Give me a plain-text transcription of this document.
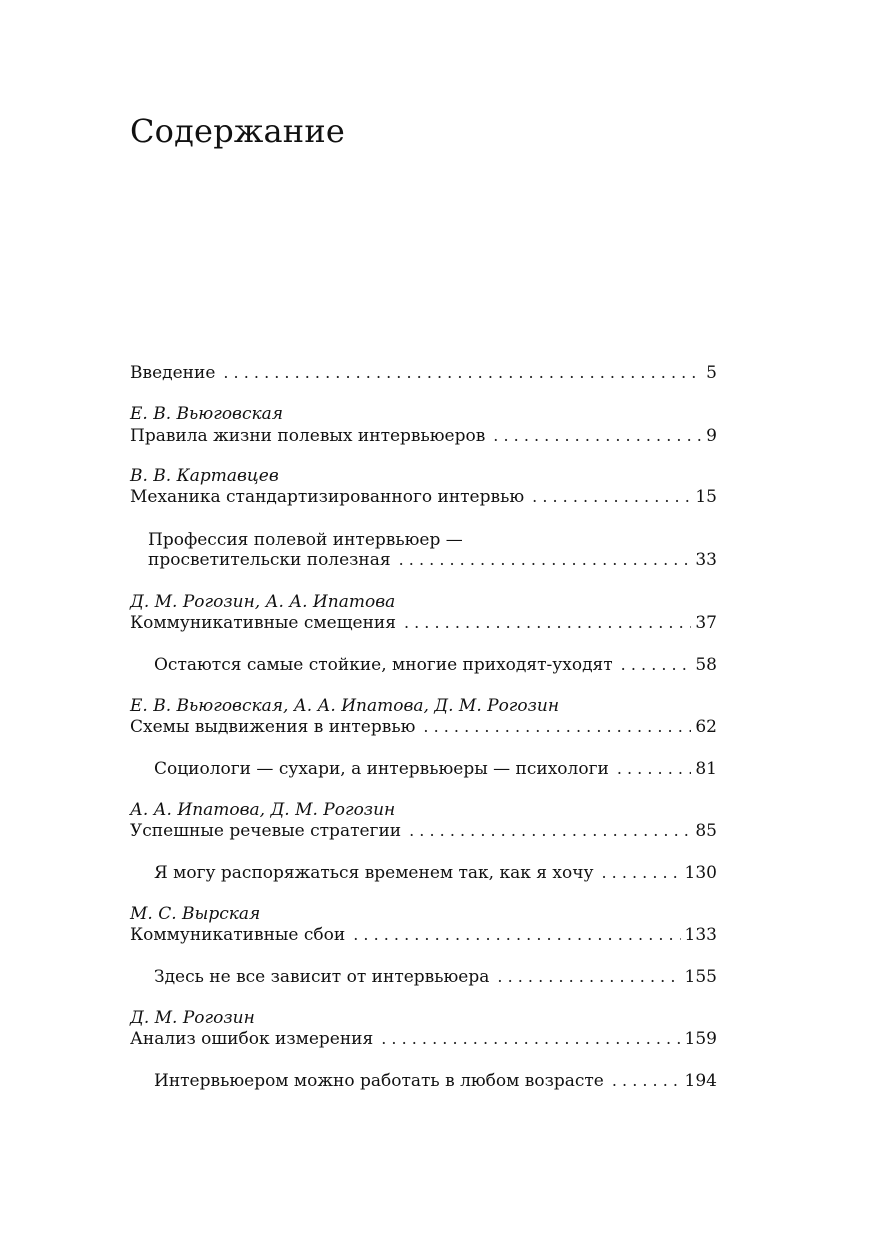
Содержание
Введение . . .	5
Е. В. Вьюговская
Правила жизни полевых интервьюеров . . .	9
В. В. Картавцев
Механика стандартизированного интервью . . .	15
Профессия полевой интервьюер —
просветительски полезная . . .	33
Д. М. Рогозин, А. А. Ипатова
Коммуникативные смещения . . .	37
Остаются самые стойкие, многие приходят-уходят . . .	58
Е. В. Вьюговская, А. А. Ипатова, Д. М. Рогозин
Схемы выдвижения в интервью . . .	62
Социологи — сухари, а интервьюеры — психологи . . .	81
А. А. Ипатова, Д. М. Рогозин
Успешные речевые стратегии . . .	85
Я могу распоряжаться временем так, как я хочу . . .	130
М. С. Вырская
Коммуникативные сбои . . .	133
Здесь не все зависит от интервьюера . . .	155
Д. М. Рогозин
Анализ ошибок измерения . . .	159
Интервьюером можно работать в любом возрасте . . .	194
